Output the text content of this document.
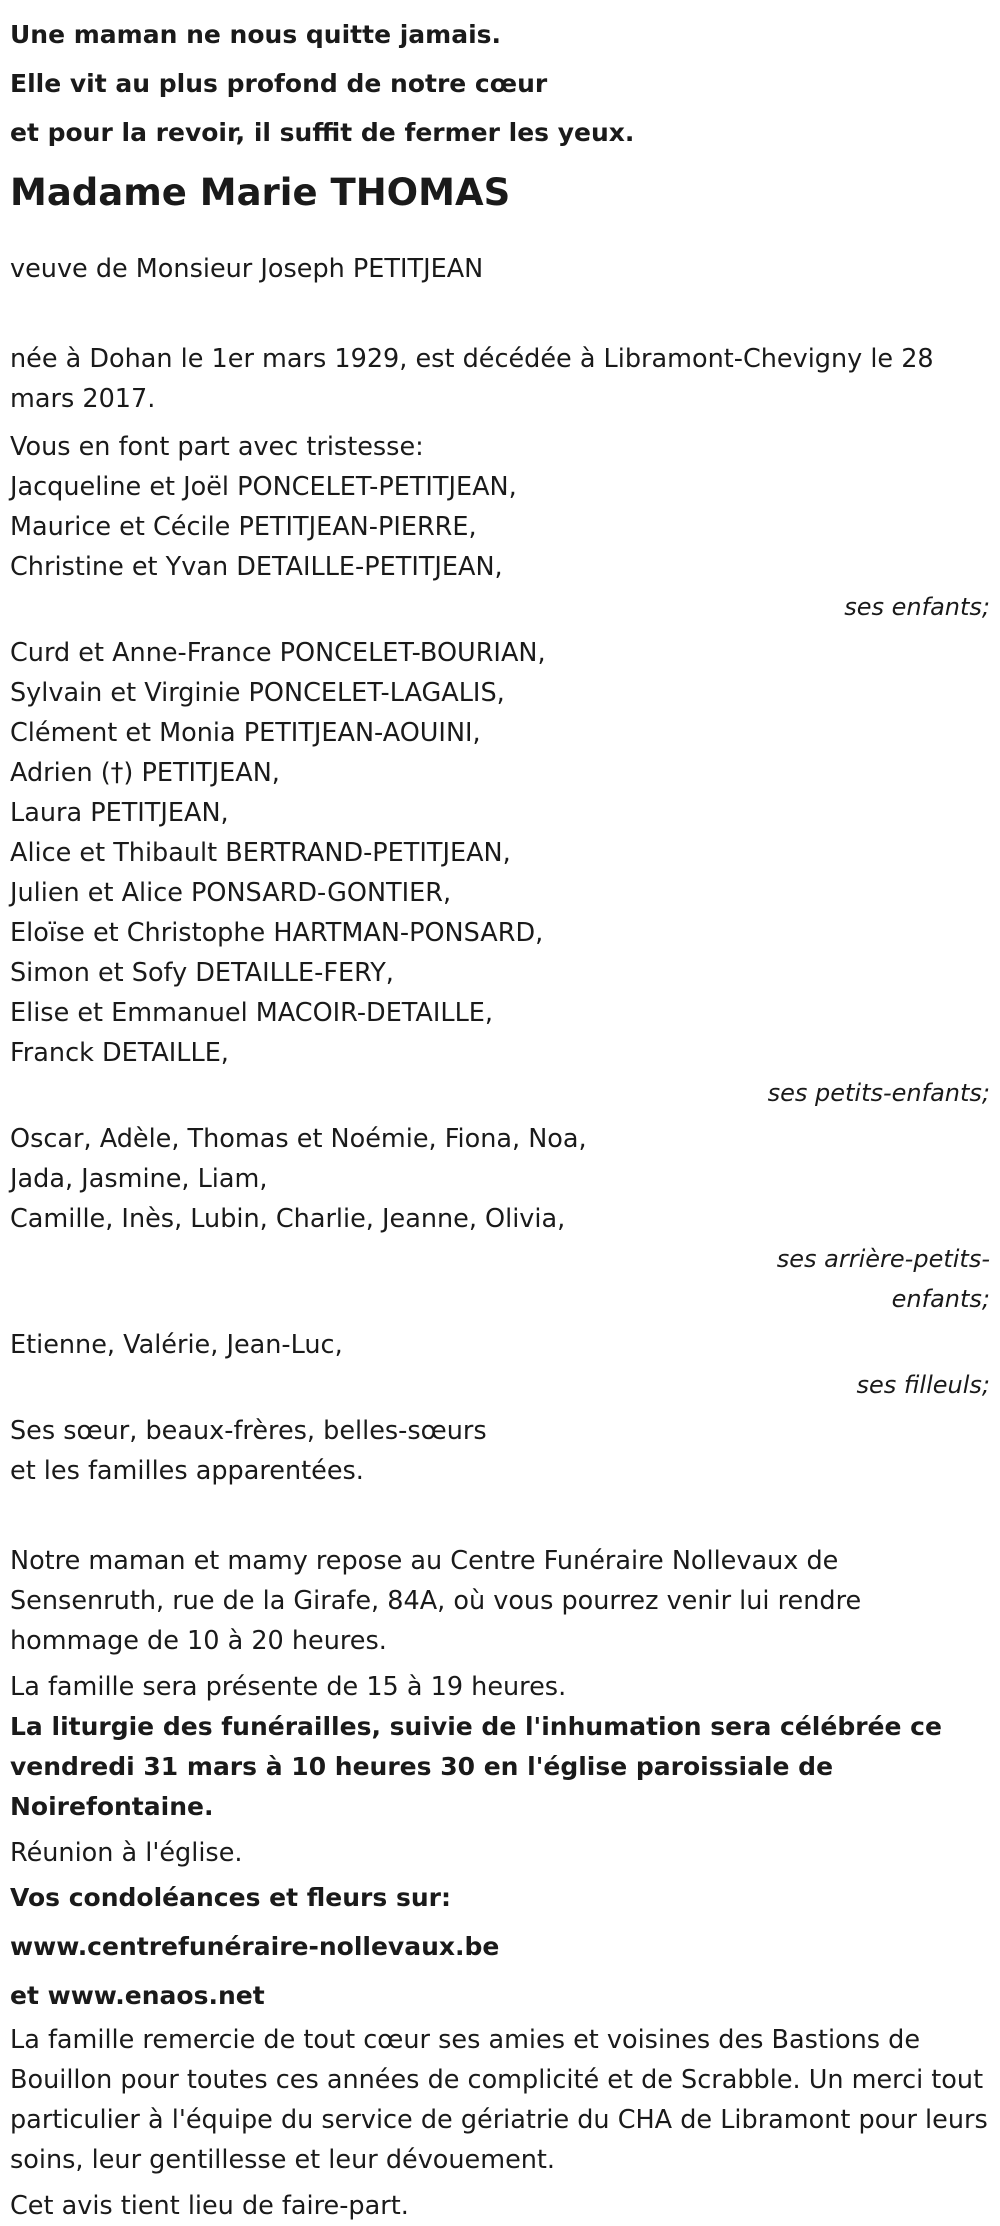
Une maman ne nous quitte jamais.
Elle vit au plus profond de notre cœur
et pour la revoir, il suffit de fermer les yeux.
Madame Marie THOMAS

veuve de Monsieur Joseph PETITJEAN

née à Dohan le 1er mars 1929, est décédée à Libramont-Chevigny le 28 mars 2017.

Vous en font part avec tristesse:

Jacqueline et Joël PONCELET-PETITJEAN,
Maurice et Cécile PETITJEAN-PIERRE,
Christine et Yvan DETAILLE-PETITJEAN,
ses enfants;
Curd et Anne-France PONCELET-BOURIAN,
Sylvain et Virginie PONCELET-LAGALIS,
Clément et Monia PETITJEAN-AOUINI,
Adrien (†) PETITJEAN,
Laura PETITJEAN,
Alice et Thibault BERTRAND-PETITJEAN,
Julien et Alice PONSARD-GONTIER,
Eloïse et Christophe HARTMAN-PONSARD,
Simon et Sofy DETAILLE-FERY,
Elise et Emmanuel MACOIR-DETAILLE,
Franck DETAILLE,
ses petits-enfants;
Oscar, Adèle, Thomas et Noémie, Fiona, Noa,
Jada, Jasmine, Liam,
Camille, Inès, Lubin, Charlie, Jeanne, Olivia,
ses arrière-petits-
enfants;
Etienne, Valérie, Jean-Luc,
ses filleuls;
Ses sœur, beaux-frères, belles-sœurs
et les familles apparentées.

Notre maman et mamy repose au Centre Funéraire Nollevaux de Sensenruth, rue de la Girafe, 84A, où vous pourrez venir lui rendre hommage de 10 à 20 heures.

La famille sera présente de 15 à 19 heures.

La liturgie des funérailles, suivie de l'inhumation sera célébrée ce vendredi 31 mars à 10 heures 30 en l'église paroissiale de Noirefontaine.

Réunion à l'église.

Vos condoléances et fleurs sur:
www.centrefunéraire-nollevaux.be
et www.enaos.net

La famille remercie de tout cœur ses amies et voisines des Bastions de Bouillon pour toutes ces années de complicité et de Scrabble. Un merci tout particulier à l'équipe du service de gériatrie du CHA de Libramont pour leurs soins, leur gentillesse et leur dévouement.

Cet avis tient lieu de faire-part.
